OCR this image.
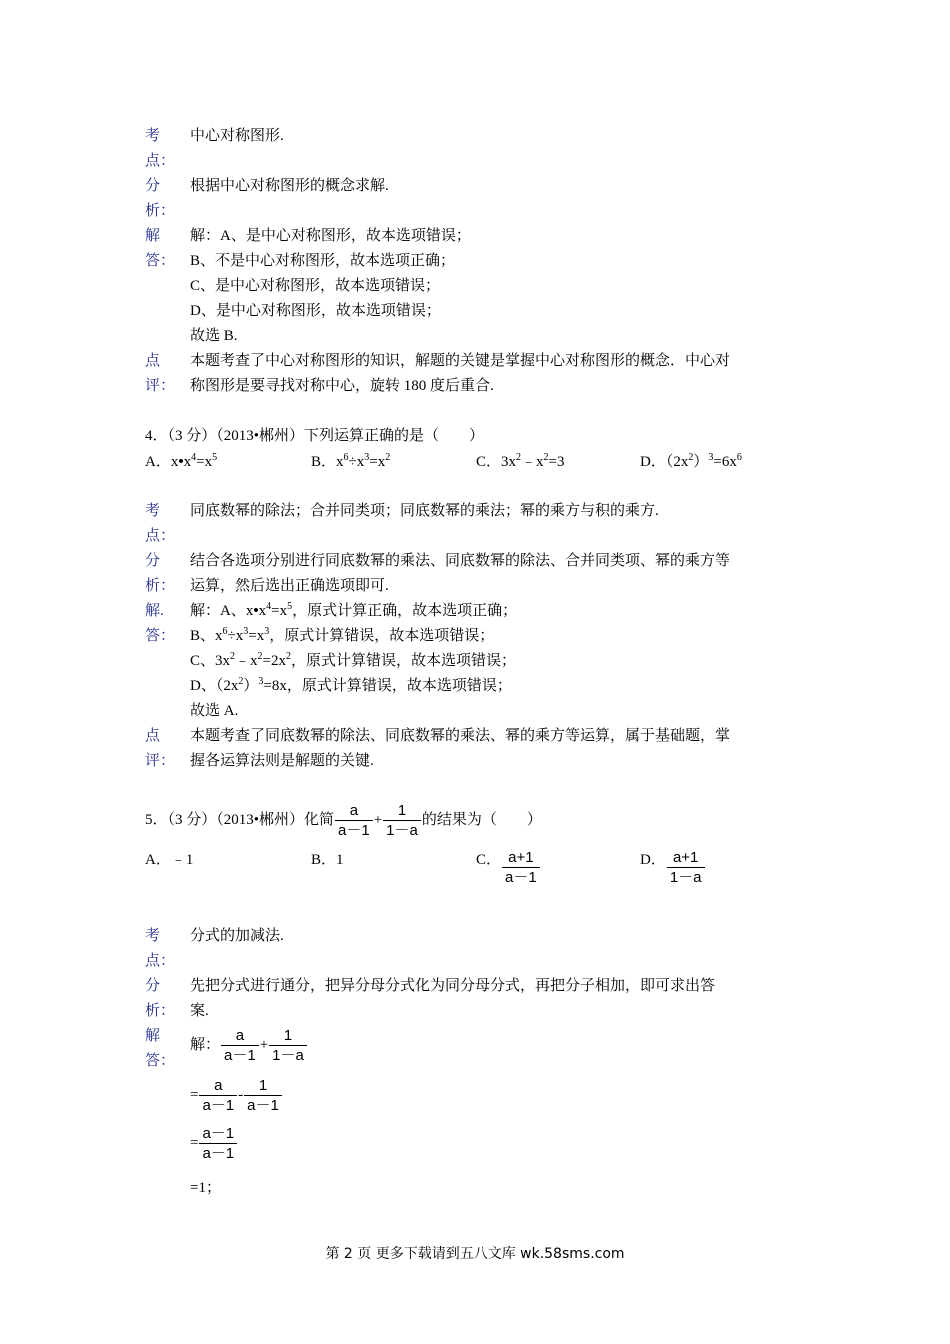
考	中心对称图形.
点：
分	根据中心对称图形的概念求解.
析：
解	解：A、是中心对称图形，故本选项错误；
答： B、不是中心对称图形，故本选项正确；
C、是中心对称图形，故本选项错误；
D、是中心对称图形，故本选项错误；
故选 B.
点	本题考查了中心对称图形的知识，解题的关键是掌握中心对称图形的概念．中心对
评： 称图形是要寻找对称中心，旋转 180 度后重合.
4．（3 分）（2013•郴州）下列运算正确的是（　　）
A．$x•x^4=x^5$	B．$x^6\div x^3=x^2$	C．$3x^2﹣x^2=3$	D．$(2x^2)^3=6x^6$
考	同底数幂的除法；合并同类项；同底数幂的乘法；幂的乘方与积的乘方.
点：
分	结合各选项分别进行同底数幂的乘法、同底数幂的除法、合并同类项、幂的乘方等
析： 运算，然后选出正确选项即可.
解.	解：A、$x•x^4=x^5$，原式计算正确，故本选项正确；
答： B、$x^6\div x^3=x^3$，原式计算错误，故本选项错误；
C、$3x^2﹣x^2=2x^2$，原式计算错误，故本选项错误；
D、$(2x^2)^3=8x$，原式计算错误，故本选项错误；
故选 A.
点	本题考查了同底数幂的除法、同底数幂的乘法、幂的乘方等运算，属于基础题，掌
评： 握各运算法则是解题的关键.
5．（3 分）（2013•郴州）化简 $\frac{a}{a-1} + \frac{1}{1-a}$ 的结果为（　　）
A．﹣1	B．1	C． $\frac{a+1}{a-1}$	D． $\frac{a+1}{1-a}$
考	分式的加减法.
点：
分	先把分式进行通分，把异分母分式化为同分母分式，再把分子相加，即可求出答
析： 案.
解
答：
解： $\frac{a}{a-1} + \frac{1}{1-a}$
= $\frac{a}{a-1} - \frac{1}{a-1}$
= $\frac{a-1}{a-1}$
=1；
第 2 页 更多下载请到五八文库 wk.58sms.com
